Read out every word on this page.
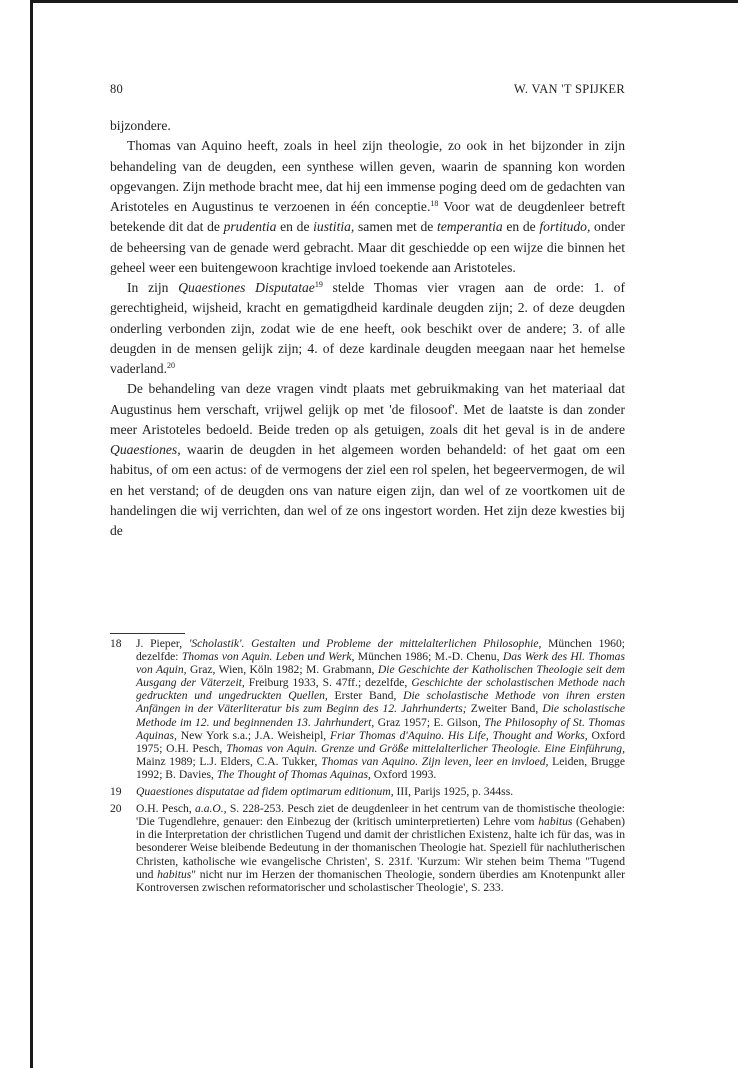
80	W. VAN 'T SPIJKER

bijzondere.

Thomas van Aquino heeft, zoals in heel zijn theologie, zo ook in het bijzonder in zijn behandeling van de deugden, een synthese willen geven, waarin de spanning kon worden opgevangen. Zijn methode bracht mee, dat hij een immense poging deed om de gedachten van Aristoteles en Augustinus te verzoenen in één conceptie.$^{18}$ Voor wat de deugdenleer betreft betekende dit dat de prudentia en de iustitia, samen met de temperantia en de fortitudo, onder de beheersing van de genade werd gebracht. Maar dit geschiedde op een wijze die binnen het geheel weer een buitengewoon krachtige invloed toekende aan Aristoteles.

In zijn Quaestiones Disputatae$^{19}$ stelde Thomas vier vragen aan de orde: 1. of gerechtigheid, wijsheid, kracht en gematigdheid kardinale deugden zijn; 2. of deze deugden onderling verbonden zijn, zodat wie de ene heeft, ook beschikt over de andere; 3. of alle deugden in de mensen gelijk zijn; 4. of deze kardinale deugden meegaan naar het hemelse vaderland.$^{20}$

De behandeling van deze vragen vindt plaats met gebruikmaking van het materiaal dat Augustinus hem verschaft, vrijwel gelijk op met 'de filosoof'. Met de laatste is dan zonder meer Aristoteles bedoeld. Beide treden op als getuigen, zoals dit het geval is in de andere Quaestiones, waarin de deugden in het algemeen worden behandeld: of het gaat om een habitus, of om een actus: of de vermogens der ziel een rol spelen, het begeervermogen, de wil en het verstand; of de deugden ons van nature eigen zijn, dan wel of ze voortkomen uit de handelingen die wij verrichten, dan wel of ze ons ingestort worden. Het zijn deze kwesties bij de

18 J. Pieper, 'Scholastik'. Gestalten und Probleme der mittelalterlichen Philosophie, München 1960; dezelfde: Thomas von Aquin. Leben und Werk, München 1986; M.-D. Chenu, Das Werk des Hl. Thomas von Aquin, Graz, Wien, Köln 1982; M. Grabmann, Die Geschichte der Katholischen Theologie seit dem Ausgang der Väterzeit, Freiburg 1933, S. 47ff.; dezelfde, Geschichte der scholastischen Methode nach gedruckten und ungedruckten Quellen, Erster Band, Die scholastische Methode von ihren ersten Anfängen in der Väterliteratur bis zum Beginn des 12. Jahrhunderts; Zweiter Band, Die scholastische Methode im 12. und beginnenden 13. Jahrhundert, Graz 1957; E. Gilson, The Philosophy of St. Thomas Aquinas, New York s.a.; J.A. Weisheipl, Friar Thomas d'Aquino. His Life, Thought and Works, Oxford 1975; O.H. Pesch, Thomas von Aquin. Grenze und Größe mittelalterlicher Theologie. Eine Einführung, Mainz 1989; L.J. Elders, C.A. Tukker, Thomas van Aquino. Zijn leven, leer en invloed, Leiden, Brugge 1992; B. Davies, The Thought of Thomas Aquinas, Oxford 1993.
19 Quaestiones disputatae ad fidem optimarum editionum, III, Parijs 1925, p. 344ss.
20 O.H. Pesch, a.a.O., S. 228-253. Pesch ziet de deugdenleer in het centrum van de thomistische theologie: 'Die Tugendlehre, genauer: den Einbezug der (kritisch uminterpretierten) Lehre vom habitus (Gehaben) in die Interpretation der christlichen Tugend und damit der christlichen Existenz, halte ich für das, was in besonderer Weise bleibende Bedeutung in der thomanischen Theologie hat. Speziell für nachlutherischen Christen, katholische wie evangelische Christen', S. 231f. 'Kurzum: Wir stehen beim Thema "Tugend und habitus" nicht nur im Herzen der thomanischen Theologie, sondern überdies am Knotenpunkt aller Kontroversen zwischen reformatorischer und scholastischer Theologie', S. 233.
